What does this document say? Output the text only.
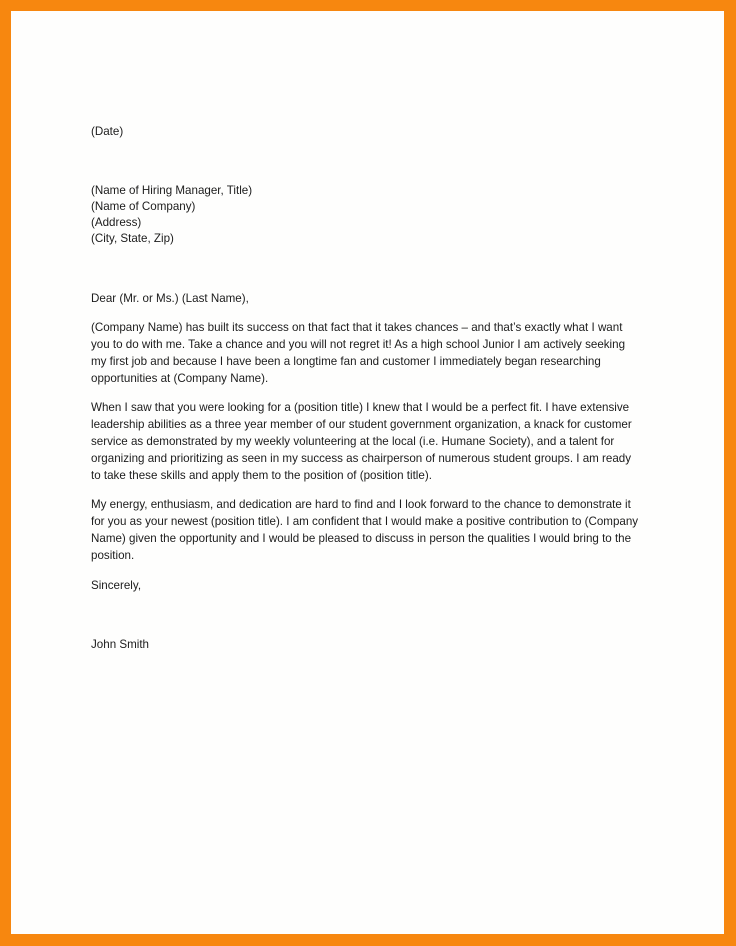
(Date)

(Name of Hiring Manager, Title)
(Name of Company)
(Address)
(City, State, Zip)

Dear (Mr. or Ms.) (Last Name),

(Company Name) has built its success on that fact that it takes chances – and that’s exactly what I want you to do with me. Take a chance and you will not regret it! As a high school Junior I am actively seeking my first job and because I have been a longtime fan and customer I immediately began researching opportunities at (Company Name).

When I saw that you were looking for a (position title) I knew that I would be a perfect fit. I have extensive leadership abilities as a three year member of our student government organization, a knack for customer service as demonstrated by my weekly volunteering at the local (i.e. Humane Society), and a talent for organizing and prioritizing as seen in my success as chairperson of numerous student groups. I am ready to take these skills and apply them to the position of (position title).

My energy, enthusiasm, and dedication are hard to find and I look forward to the chance to demonstrate it for you as your newest (position title). I am confident that I would make a positive contribution to (Company Name) given the opportunity and I would be pleased to discuss in person the qualities I would bring to the position.

Sincerely,

John Smith
